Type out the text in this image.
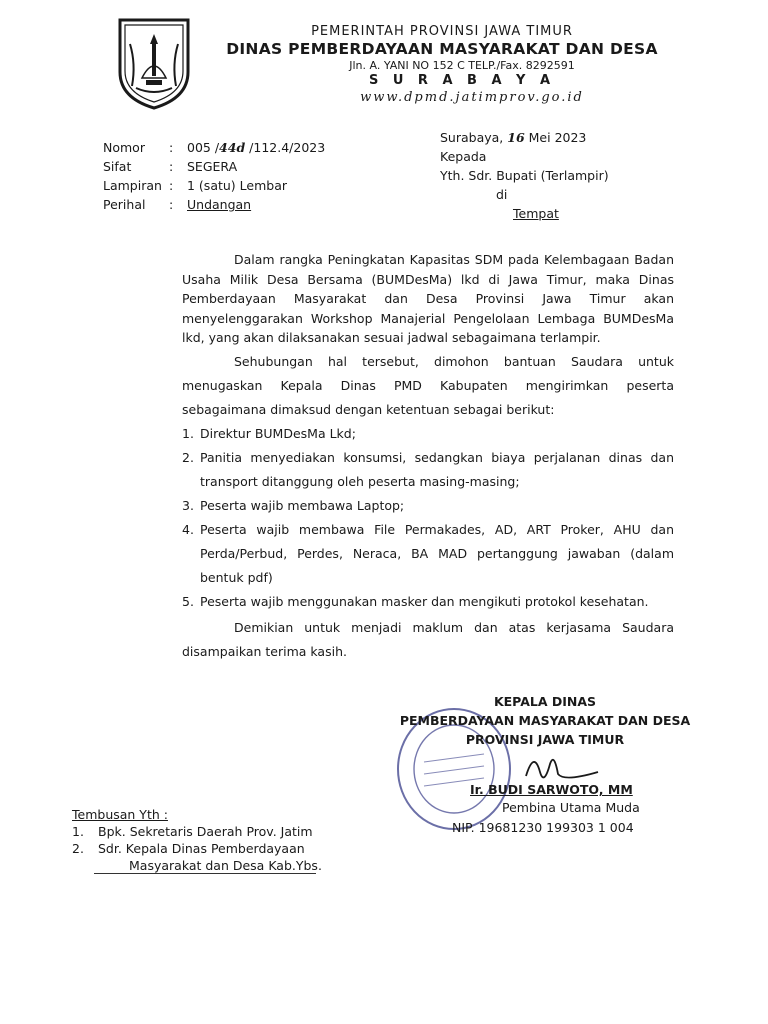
PEMERINTAH PROVINSI JAWA TIMUR
DINAS PEMBERDAYAAN MASYARAKAT DAN DESA
Jln. A. YANI NO 152 C TELP./Fax. 8292591
S U R A B A Y A
www.dpmd.jatimprov.go.id
Nomor	:	005 /44d /112.4/2023
Sifat	:	SEGERA
Lampiran :	1 (satu) Lembar
Perihal	:	Undangan
Surabaya, 16 Mei 2023
Kepada
Yth. Sdr. Bupati (Terlampir)
di
Tempat

Dalam rangka Peningkatan Kapasitas SDM pada Kelembagaan Badan Usaha Milik Desa Bersama (BUMDesMa) lkd di Jawa Timur, maka Dinas Pemberdayaan Masyarakat dan Desa Provinsi Jawa Timur akan menyelenggarakan Workshop Manajerial Pengelolaan Lembaga BUMDesMa lkd, yang akan dilaksanakan sesuai jadwal sebagaimana terlampir.

Sehubungan hal tersebut, dimohon bantuan Saudara untuk menugaskan Kepala Dinas PMD Kabupaten mengirimkan peserta sebagaimana dimaksud dengan ketentuan sebagai berikut:

1. Direktur BUMDesMa Lkd;
2. Panitia menyediakan konsumsi, sedangkan biaya perjalanan dinas dan transport ditanggung oleh peserta masing-masing;
3. Peserta wajib membawa Laptop;
4. Peserta wajib membawa File Permakades, AD, ART Proker, AHU dan Perda/Perbud, Perdes, Neraca, BA MAD pertanggung jawaban (dalam bentuk pdf)
5. Peserta wajib menggunakan masker dan mengikuti protokol kesehatan.

Demikian untuk menjadi maklum dan atas kerjasama Saudara disampaikan terima kasih.

KEPALA DINAS
PEMBERDAYAAN MASYARAKAT DAN DESA
PROVINSI JAWA TIMUR
Ir. BUDI SARWOTO, MM
Pembina Utama Muda
NIP. 19681230 199303 1 004
Tembusan Yth :
1.	Bpk. Sekretaris Daerah Prov. Jatim
2.	Sdr. Kepala Dinas Pemberdayaan
Masyarakat dan Desa Kab.Ybs.
